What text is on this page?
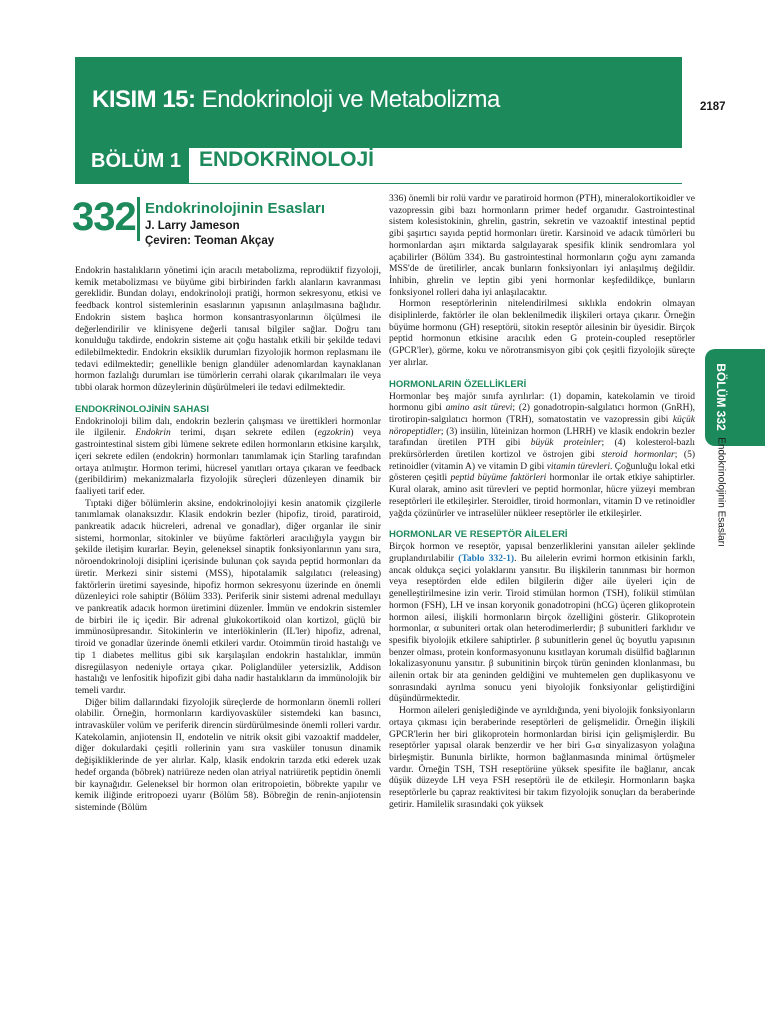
KISIM 15: Endokrinoloji ve Metabolizma	2187
BÖLÜM 1 ENDOKRİNOLOJİ
332 Endokrinolojinin Esasları
J. Larry Jameson
Çeviren: Teoman Akçay

Endokrin hastalıkların yönetimi için aracılı metabolizma, reprodüktif fizyoloji, kemik metabolizması ve büyüme gibi birbirinden farklı alanların kavranması gereklidir. Bundan dolayı, endokrinoloji pratiği, hormon sekresyonu, etkisi ve feedback kontrol sistemlerinin esaslarının yapısının anlaşılmasına bağlıdır. Endokrin sistem başlıca hormon konsantrasyonlarının ölçülmesi ile değerlendirilir ve klinisyene değerli tanısal bilgiler sağlar. Doğru tanı konulduğu takdirde, endokrin sisteme ait çoğu hastalık etkili bir şekilde tedavi edilebilmektedir. Endokrin eksiklik durumları fizyolojik hormon replasmanı ile tedavi edilmektedir; genellikle benign glandüler adenomlardan kaynaklanan hormon fazlalığı durumları ise tümörlerin cerrahi olarak çıkarılmaları ile veya tıbbi olarak hormon düzeylerinin düşürülmeleri ile tedavi edilmektedir.

ENDOKRİNOLOJİNİN SAHASI

Endokrinoloji bilim dalı, endokrin bezlerin çalışması ve ürettikleri hormonlar ile ilgilenir. Endokrin terimi, dışarı sekrete edilen (egzokrin) veya gastrointestinal sistem gibi lümene sekrete edilen hormonların etkisine karşılık, içeri sekrete edilen (endokrin) hormonları tanımlamak için Starling tarafından ortaya atılmıştır. Hormon terimi, hücresel yanıtları ortaya çıkaran ve feedback (geribildirim) mekanizmalarla fizyolojik süreçleri düzenleyen dinamik bir faaliyeti tarif eder.

Tıptaki diğer bölümlerin aksine, endokrinolojiyi kesin anatomik çizgilerle tanımlamak olanaksızdır. Klasik endokrin bezler (hipofiz, tiroid, paratiroid, pankreatik adacık hücreleri, adrenal ve gonadlar), diğer organlar ile sinir sistemi, hormonlar, sitokinler ve büyüme faktörleri aracılığıyla yaygın bir şekilde iletişim kurarlar. Beyin, geleneksel sinaptik fonksiyonlarının yanı sıra, nöroendokrinoloji disiplini içerisinde bulunan çok sayıda peptid hormonları da üretir. Merkezi sinir sistemi (MSS), hipotalamik salgılatıcı (releasing) faktörlerin üretimi sayesinde, hipofiz hormon sekresyonu üzerinde en önemli düzenleyici role sahiptir (Bölüm 333). Periferik sinir sistemi adrenal medullayı ve pankreatik adacık hormon üretimini düzenler. İmmün ve endokrin sistemler de birbiri ile iç içedir. Bir adrenal glukokortikoid olan kortizol, güçlü bir immünosüpresandır. Sitokinlerin ve interlökinlerin (IL'ler) hipofiz, adrenal, tiroid ve gonadlar üzerinde önemli etkileri vardır. Otoimmün tiroid hastalığı ve tip 1 diabetes mellitus gibi sık karşılaşılan endokrin hastalıklar, immün disregülasyon nedeniyle ortaya çıkar. Poliglandüler yetersizlik, Addison hastalığı ve lenfositik hipofizit gibi daha nadir hastalıkların da immünolojik bir temeli vardır.

Diğer bilim dallarındaki fizyolojik süreçlerde de hormonların önemli rolleri olabilir. Örneğin, hormonların kardiyovasküler sistemdeki kan basıncı, intravasküler volüm ve periferik direncin sürdürülmesinde önemli rolleri vardır. Katekolamin, anjiotensin II, endotelin ve nitrik oksit gibi vazoaktif maddeler, diğer dokulardaki çeşitli rollerinin yanı sıra vasküler tonusun dinamik değişikliklerinde de yer alırlar. Kalp, klasik endokrin tarzda etki ederek uzak hedef organda (böbrek) natriüreze neden olan atriyal natriüretik peptidin önemli bir kaynağıdır. Geleneksel bir hormon olan eritropoietin, böbrekte yapılır ve kemik iliğinde eritropoezi uyarır (Bölüm 58). Böbreğin de renin-anjiotensin sisteminde (Bölüm

336) önemli bir rolü vardır ve paratiroid hormon (PTH), mineralokortikoidler ve vazopressin gibi bazı hormonların primer hedef organıdır. Gastrointestinal sistem kolesistokinin, ghrelin, gastrin, sekretin ve vazoaktif intestinal peptid gibi şaşırtıcı sayıda peptid hormonları üretir. Karsinoid ve adacık tümörleri bu hormonlardan aşırı miktarda salgılayarak spesifik klinik sendromlara yol açabilirler (Bölüm 334). Bu gastrointestinal hormonların çoğu aynı zamanda MSS'de de üretilirler, ancak bunların fonksiyonları iyi anlaşılmış değildir. İnhibin, ghrelin ve leptin gibi yeni hormonlar keşfedildikçe, bunların fonksiyonel rolleri daha iyi anlaşılacaktır.

Hormon reseptörlerinin nitelendirilmesi sıklıkla endokrin olmayan disiplinlerde, faktörler ile olan beklenilmedik ilişkileri ortaya çıkarır. Örneğin büyüme hormonu (GH) reseptörü, sitokin reseptör ailesinin bir üyesidir. Birçok peptid hormonun etkisine aracılık eden G protein-coupled reseptörler (GPCR'ler), görme, koku ve nörotransmisyon gibi çok çeşitli fizyolojik süreçte yer alırlar.

HORMONLARIN ÖZELLİKLERİ

Hormonlar beş majör sınıfa ayrılırlar: (1) dopamin, katekolamin ve tiroid hormonu gibi amino asit türevi; (2) gonadotropin-salgılatıcı hormon (GnRH), tirotiropin-salgılatıcı hormon (TRH), somatostatin ve vazopressin gibi küçük nöropeptidler; (3) insülin, lüteinizan hormon (LHRH) ve klasik endokrin bezler tarafından üretilen PTH gibi büyük proteinler; (4) kolesterol-bazlı prekürsörlerden üretilen kortizol ve östrojen gibi steroid hormonlar; (5) retinoidler (vitamin A) ve vitamin D gibi vitamin türevleri. Çoğunluğu lokal etki gösteren çeşitli peptid büyüme faktörleri hormonlar ile ortak etkiye sahiptirler. Kural olarak, amino asit türevleri ve peptid hormonlar, hücre yüzeyi membran reseptörleri ile etkileşirler. Steroidler, tiroid hormonları, vitamin D ve retinoidler yağda çözünürler ve intraselüler nükleer reseptörler ile etkileşirler.

HORMONLAR VE RESEPTÖR AİLELERİ

Birçok hormon ve reseptör, yapısal benzerliklerini yansıtan aileler şeklinde gruplandırılabilir (Tablo 332-1). Bu ailelerin evrimi hormon etkisinin farklı, ancak oldukça seçici yolaklarını yansıtır. Bu ilişkilerin tanınması bir hormon veya reseptörden elde edilen bilgilerin diğer aile üyeleri için de genelleştirilmesine izin verir. Tiroid stimülan hormon (TSH), folikül stimülan hormon (FSH), LH ve insan koryonik gonadotropini (hCG) üçeren glikoprotein hormon ailesi, ilişkili hormonların birçok özelliğini gösterir. Glikoprotein hormonlar, α subuniteri ortak olan heterodimerlerdir; β subunitleri farklıdır ve spesifik biyolojik etkilere sahiptirler. β subunitlerin genel üç boyutlu yapısının benzer olması, protein konformasyonunu kısıtlayan korumalı disülfid bağlarının lokalizasyonunu yansıtır. β subunitinin birçok türün geninden klonlanması, bu ailenin ortak bir ata geninden geldiğini ve muhtemelen gen duplikasyonu ve sonrasındaki ayrılma sonucu yeni biyolojik fonksiyonlar geliştirdiğini düşündürmektedir.

Hormon aileleri genişlediğinde ve ayrıldığında, yeni biyolojik fonksiyonların ortaya çıkması için beraberinde reseptörleri de gelişmelidir. Örneğin ilişkili GPCR'lerin her biri glikoprotein hormonlardan birisi için gelişmişlerdir. Bu reseptörler yapısal olarak benzerdir ve her biri Gₛα sinyalizasyon yolağına birleşmiştir. Bununla birlikte, hormon bağlanmasında minimal örtüşmeler vardır. Örneğin TSH, TSH reseptörüne yüksek spesifite ile bağlanır, ancak düşük düzeyde LH veya FSH reseptörü ile de etkileşir. Hormonların başka reseptörlerle bu çapraz reaktivitesi bir takım fizyolojik sonuçları da beraberinde getirir. Hamilelik sırasındaki çok yüksek

BÖLÜM 332
Endokrinolojinin Esasları
